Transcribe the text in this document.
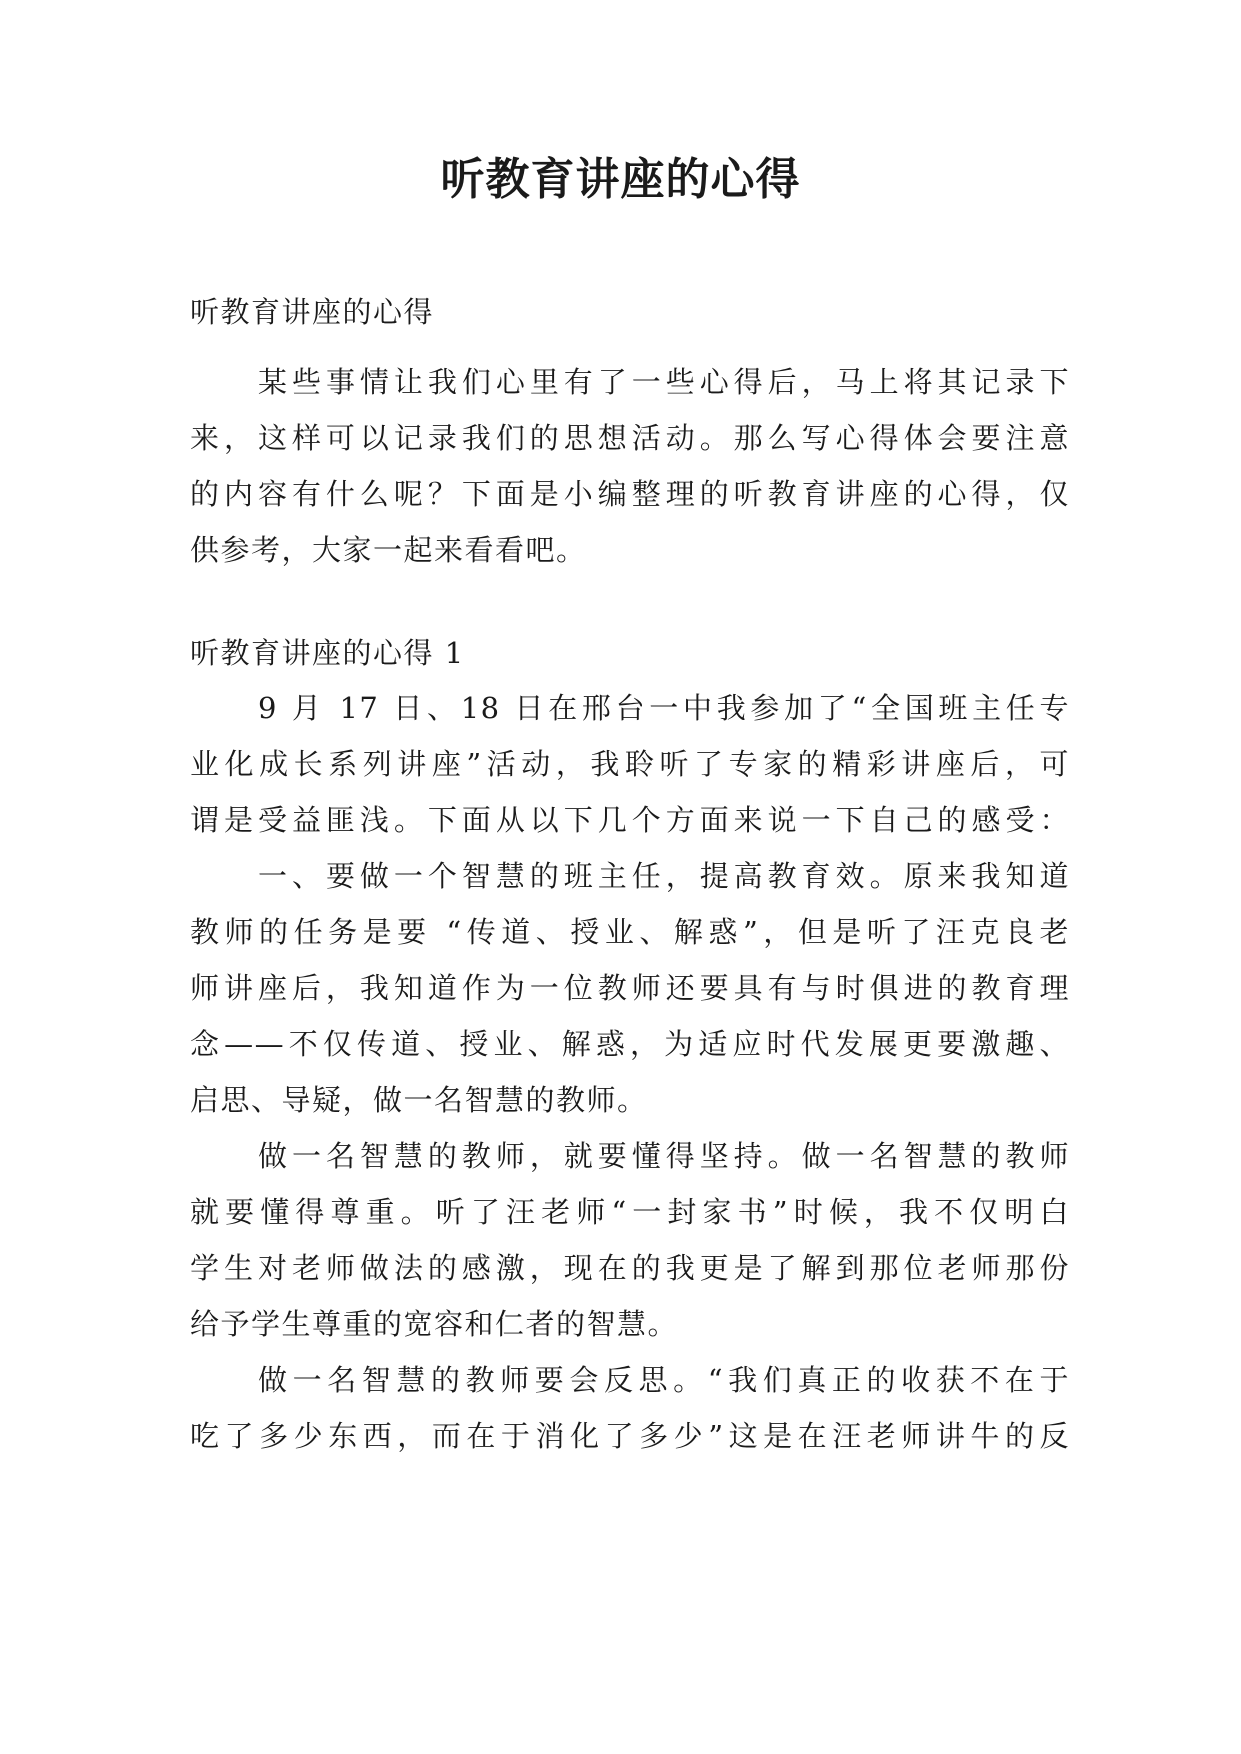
听教育讲座的心得
听教育讲座的心得
某些事情让我们心里有了一些心得后，马上将其记录下
来，这样可以记录我们的思想活动。那么写心得体会要注意
的内容有什么呢？下面是小编整理的听教育讲座的心得，仅
供参考，大家一起来看看吧。
听教育讲座的心得 1
9 月 17 日、18 日在邢台一中我参加了“全国班主任专
业化成长系列讲座”活动，我聆听了专家的精彩讲座后，可
谓是受益匪浅。下面从以下几个方面来说一下自己的感受：
一、要做一个智慧的班主任，提高教育效。原来我知道
教师的任务是要 “传道、授业、解惑”，但是听了汪克良老
师讲座后，我知道作为一位教师还要具有与时俱进的教育理
念——不仅传道、授业、解惑，为适应时代发展更要激趣、
启思、导疑，做一名智慧的教师。
做一名智慧的教师，就要懂得坚持。做一名智慧的教师
就要懂得尊重。听了汪老师“一封家书”时候，我不仅明白
学生对老师做法的感激，现在的我更是了解到那位老师那份
给予学生尊重的宽容和仁者的智慧。
做一名智慧的教师要会反思。“我们真正的收获不在于
吃了多少东西，而在于消化了多少”这是在汪老师讲牛的反
